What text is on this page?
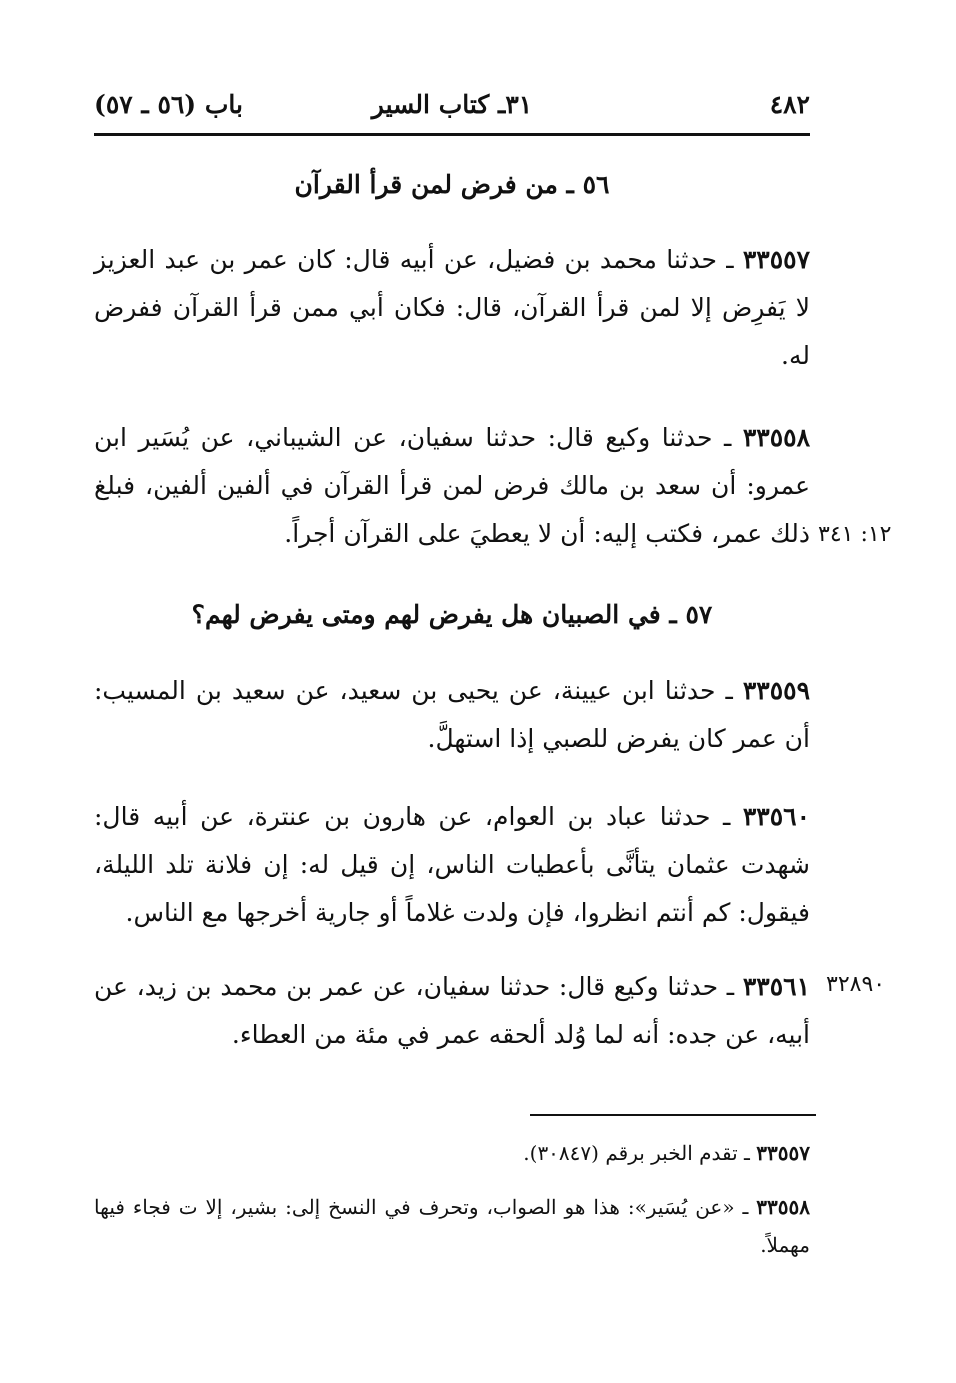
٤٨٢
٣١ـ كتاب السير
باب (٥٦ ـ ٥٧)
٥٦ ـ من فرض لمن قرأ القرآن

٣٣٥٥٧ ـ حدثنا محمد بن فضيل، عن أبيه قال: كان عمر بن عبد العزيز لا يَفرِض إلا لمن قرأ القرآن، قال: فكان أبي ممن قرأ القرآن ففرض له.

٣٣٥٥٨ ـ حدثنا وكيع قال: حدثنا سفيان، عن الشيباني، عن يُسَير ابن عمرو: أن سعد بن مالك فرض لمن قرأ القرآن في ألفين ألفين، فبلغ ذلك عمر، فكتب إليه: أن لا يعطيَ على القرآن أجراً. ١٢: ٣٤١
٥٧ ـ في الصبيان هل يفرض لهم ومتى يفرض لهم؟

٣٣٥٥٩ ـ حدثنا ابن عيينة، عن يحيى بن سعيد، عن سعيد بن المسيب: أن عمر كان يفرض للصبي إذا استهلَّ.

٣٣٥٦٠ ـ حدثنا عباد بن العوام، عن هارون بن عنترة، عن أبيه قال: شهدت عثمان يتأنَّى بأعطيات الناس، إن قيل له: إن فلانة تلد الليلة، فيقول: كم أنتم انظروا، فإن ولدت غلاماً أو جارية أخرجها مع الناس.

٣٣٥٦١ ـ حدثنا وكيع قال: حدثنا سفيان، عن عمر بن محمد بن زيد، عن أبيه، عن جده: أنه لما وُلد ألحقه عمر في مئة من العطاء.

٣٢٨٩٠

٣٣٥٥٧ ـ تقدم الخبر برقم (٣٠٨٤٧).

٣٣٥٥٨ ـ «عن يُسَير»: هذا هو الصواب، وتحرف في النسخ إلى: بشير، إلا ت فجاء فيها مهملاً.
